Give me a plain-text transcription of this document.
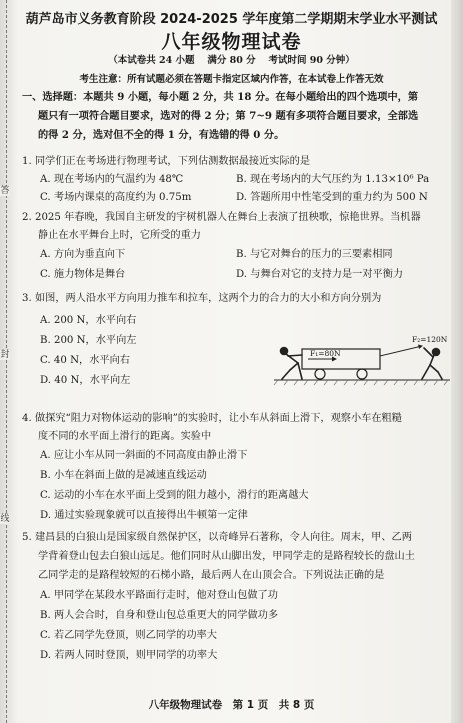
答
封
线
葫芦岛市义务教育阶段 2024-2025 学年度第二学期期末学业水平测试
八年级物理试卷
（本试卷共 24 小题　 满分 80 分　 考试时间 90 分钟）
考生注意：所有试题必须在答题卡指定区域内作答，在本试卷上作答无效
一、选择题：本题共 9 小题，每小题 2 分，共 18 分。在每小题给出的四个选项中，第
题只有一项符合题目要求，选对的得 2 分；第 7~9 题有多项符合题目要求，全部选
的得 2 分，选对但不全的得 1 分，有选错的得 0 分。
1. 同学们正在考场进行物理考试，下列估测数据最接近实际的是
A. 现在考场内的气温约为 48℃	B. 现在考场内的大气压约为 1.13×10⁶ Pa
C. 考场内课桌的高度约为 0.75m	D. 答题所用中性笔受到的重力约为 500 N
2. 2025 年春晚，我国自主研发的宇树机器人在舞台上表演了扭秧歌，惊艳世界。当机器
静止在水平舞台上时，它所受的重力
A. 方向为垂直向下	B. 与它对舞台的压力的三要素相同
C. 施力物体是舞台	D. 与舞台对它的支持力是一对平衡力
3. 如图，两人沿水平方向用力推车和拉车，这两个力的合力的大小和方向分别为
A. 200 N，水平向右
B. 200 N，水平向左
C. 40 N，水平向右
D. 40 N，水平向左
F₁=80N
F₂=120N
4. 做探究“阻力对物体运动的影响”的实验时，让小车从斜面上滑下，观察小车在粗糙
度不同的水平面上滑行的距离。实验中
A. 应让小车从同一斜面的不同高度由静止滑下
B. 小车在斜面上做的是减速直线运动
C. 运动的小车在水平面上受到的阻力越小，滑行的距离越大
D. 通过实验现象就可以直接得出牛顿第一定律
5. 建昌县的白狼山是国家级自然保护区，以奇峰异石著称，令人向往。周末，甲、乙两
学背着登山包去白狼山远足。他们同时从山脚出发，甲同学走的是路程较长的盘山土
乙同学走的是路程较短的石梯小路，最后两人在山顶会合。下列说法正确的是
A. 甲同学在某段水平路面行走时，他对登山包做了功
B. 两人会合时，自身和登山包总重更大的同学做功多
C. 若乙同学先登顶，则乙同学的功率大
D. 若两人同时登顶，则甲同学的功率大
八年级物理试卷　第 1 页　共 8 页
